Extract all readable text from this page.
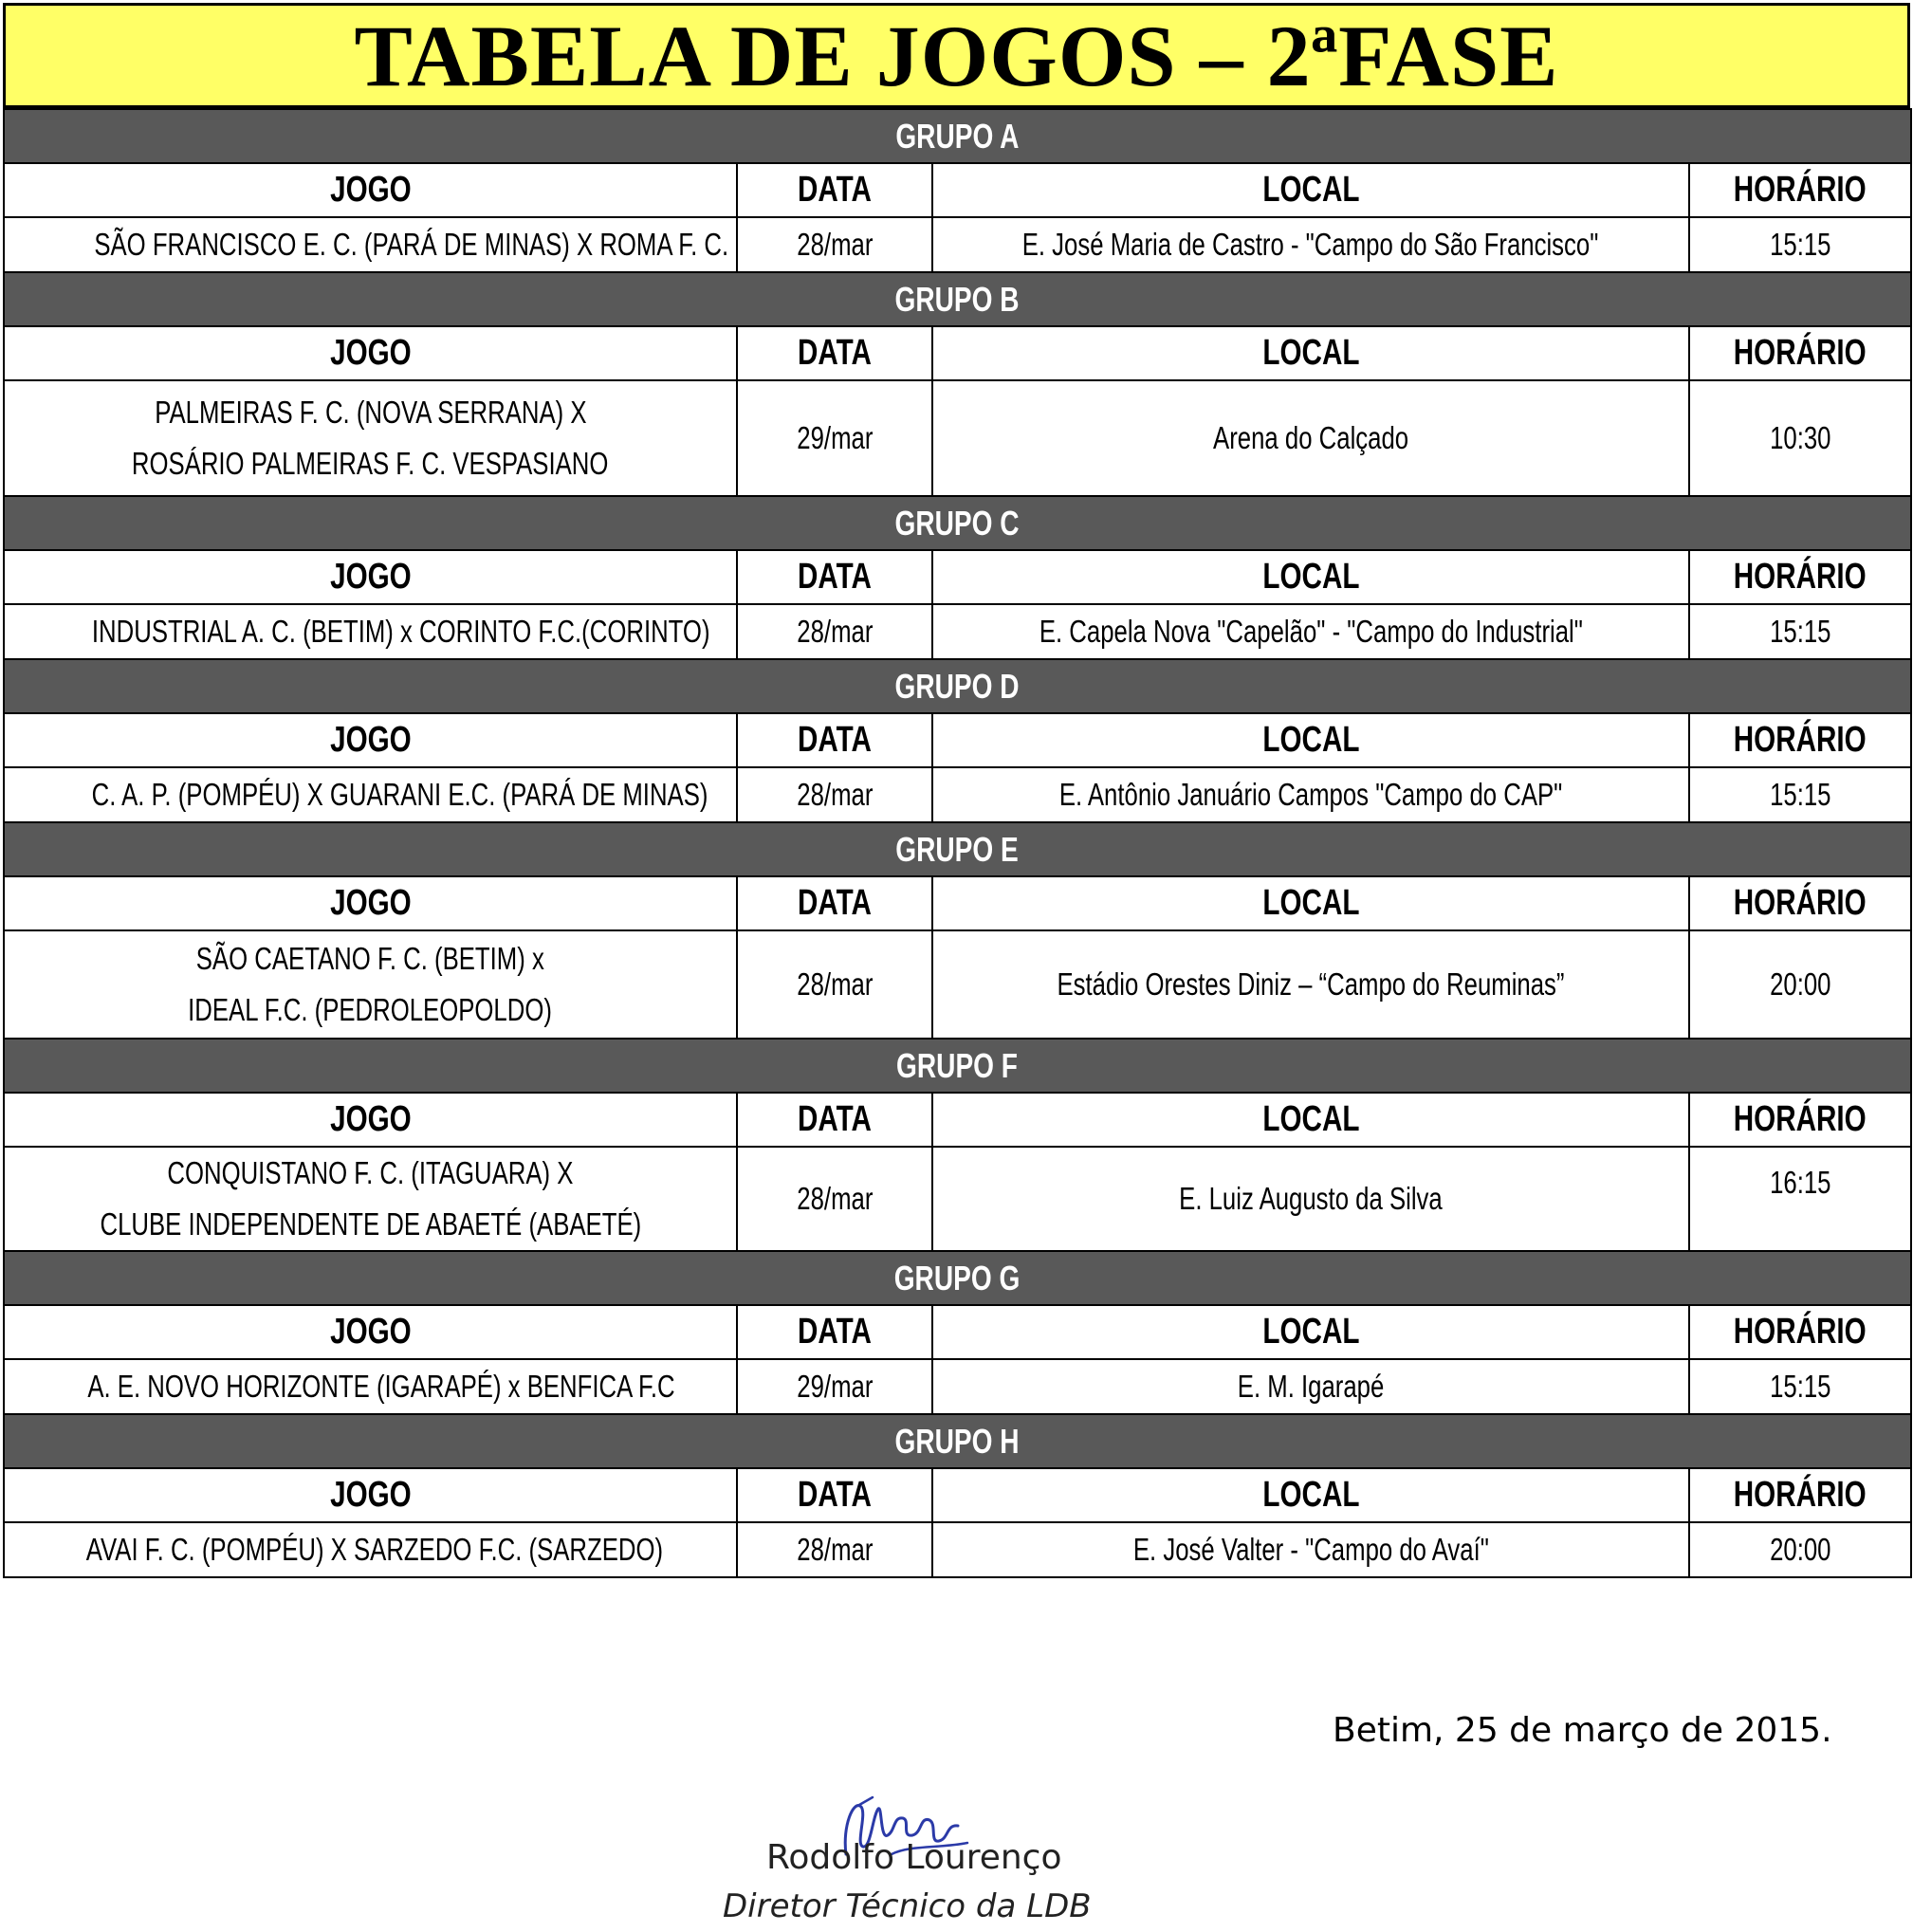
TABELA DE JOGOS – 2ªFASE
GRUPO A			
JOGO	DATA	LOCAL	HORÁRIO
SÃO FRANCISCO E. C. (PARÁ DE MINAS) X ROMA F. C.	28/mar	E. José Maria de Castro - "Campo do São Francisco"	15:15
GRUPO B			
JOGO	DATA	LOCAL	HORÁRIO
PALMEIRAS F. C. (NOVA SERRANA) X
ROSÁRIO PALMEIRAS F. C. VESPASIANO	29/mar	Arena do Calçado	10:30
GRUPO C			
JOGO	DATA	LOCAL	HORÁRIO
INDUSTRIAL A. C. (BETIM) x CORINTO F.C.(CORINTO)	28/mar	E. Capela Nova "Capelão" - "Campo do Industrial"	15:15
GRUPO D			
JOGO	DATA	LOCAL	HORÁRIO
C. A. P. (POMPÉU) X GUARANI E.C. (PARÁ DE MINAS)	28/mar	E. Antônio Januário Campos "Campo do CAP"	15:15
GRUPO E			
JOGO	DATA	LOCAL	HORÁRIO
SÃO CAETANO F. C. (BETIM) x
IDEAL F.C. (PEDROLEOPOLDO)	28/mar	Estádio Orestes Diniz – “Campo do Reuminas”	20:00
GRUPO F			
JOGO	DATA	LOCAL	HORÁRIO
CONQUISTANO F. C. (ITAGUARA) X
CLUBE INDEPENDENTE DE ABAETÉ (ABAETÉ)	28/mar	E. Luiz Augusto da Silva	16:15
GRUPO G			
JOGO	DATA	LOCAL	HORÁRIO
A. E. NOVO HORIZONTE (IGARAPÉ) x BENFICA F.C	29/mar	E. M. Igarapé	15:15
GRUPO H			
JOGO	DATA	LOCAL	HORÁRIO
AVAI F. C. (POMPÉU) X SARZEDO F.C. (SARZEDO)	28/mar	E. José Valter - "Campo do Avaí"	20:00
Betim, 25 de março de 2015.
Rodolfo Lourenço
Diretor Técnico da LDB
